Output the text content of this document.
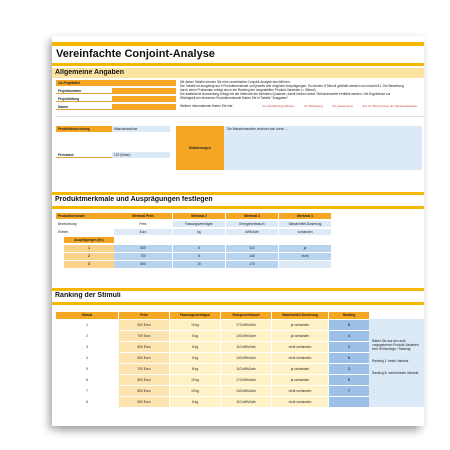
Vereinfachte Conjoint-Analyse
Allgemeine Angaben
CA-Projekttitel
Projektnummer
Projektleitung
Datum
Mit dieser Tabelle können Sie eine vereinfachte Conjoint-Analyse durchführen.
Die Tabelle ist ausgelegt auf 4 Produktmerkmale und jeweils drei mögliche Ausprägungen. Es können 8 Stimuli gebildet werden von insomit 81. Die Bewertung
durch einen Probanden erfolgt durch ein Ranking der vorgestellten Produkt-Varianten (= Stimuli).
Die statistische Auswertung erfolgt mit der Methode der kleinsten Quadrate, damit können keine Teilnutzenwerte ermittelt werden. Die Ergebnisse zur
Wichtigkeit der einzelnen Produktmerkmale finden Sie in Tabelle "Ausgaben".
Weitere Informationen finden Sie hier:	zum Einführungs-Beispi...	zur Befragung	zur Auswertung	und zur Berechnung der Merkmalsanteile
Produktbezeichnung	Waschmaschine
Preisband	123 (Mater)
Erläuterungen
Die Waschmaschine zeichnet sich durch ...
Produktmerkmale und Ausprägungen festlegen
Produktmerkmale	Merkmal Preis	Merkmal 2	Merkmal 3	Merkmal 4
Bezeichnung	Preis	Fassungsvermögen	Energieverbrauch	Waschmittel-Dosierung
Einheit	Euro	kg	kWh/Jahr	vorhanden
Ausprägungen (Nr.)
1	600	6	110	ja
2	700	8	140	nicht
3	800	10	170
Ranking der Stimuli
Stimuli	Preis	Fassungsvermögen	Energieverbrauch	Waschmittel-Dosierung	Ranking
1	600 Euro	10 kg	170 kWh/Jahr	ja vorhanden	8
2	700 Euro	6 kg	140 kWh/Jahr	ja vorhanden	4
3	800 Euro	6 kg	110 kWh/Jahr	nicht vorhanden	1
4	600 Euro	6 kg	140 kWh/Jahr	nicht vorhanden	6
5	700 Euro	8 kg	110 kWh/Jahr	ja vorhanden	3
6	800 Euro	10 kg	170 kWh/Jahr	ja vorhanden	5
7	600 Euro	10 kg	140 kWh/Jahr	nicht vorhanden	7
8	600 Euro	6 kg	110 kWh/Jahr	nicht vorhanden
Bilden Sie aus den acht
vorgegebenen Produkt-Varianten
eine Reihenfolge / Ranking:
Ranking 1: beste Variante
Ranking 8: schlechteste Variante
